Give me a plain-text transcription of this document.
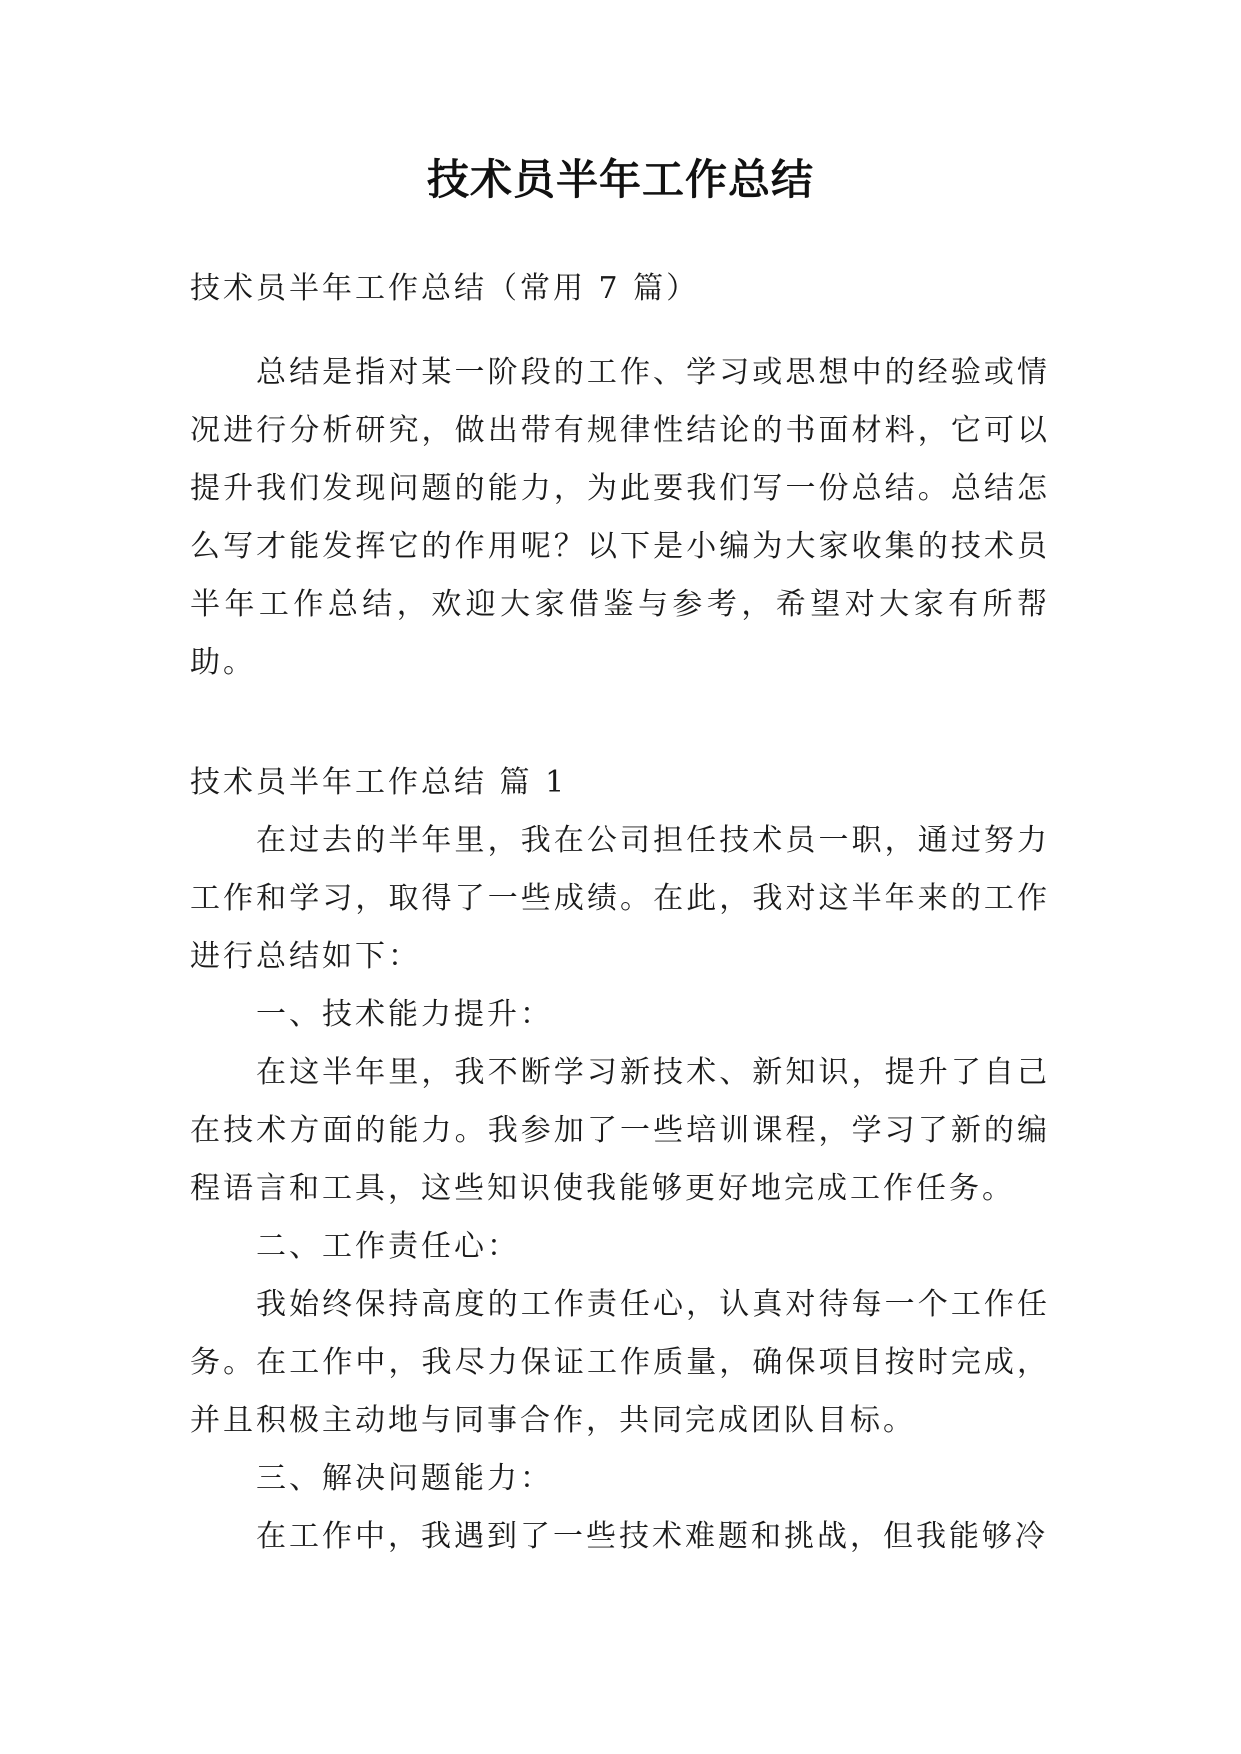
技术员半年工作总结
技术员半年工作总结（常用 7 篇）
总结是指对某一阶段的工作、学习或思想中的经验或情况进行分析研究，做出带有规律性结论的书面材料，它可以提升我们发现问题的能力，为此要我们写一份总结。总结怎么写才能发挥它的作用呢？以下是小编为大家收集的技术员半年工作总结，欢迎大家借鉴与参考，希望对大家有所帮助。

技术员半年工作总结 篇 1

在过去的半年里，我在公司担任技术员一职，通过努力工作和学习，取得了一些成绩。在此，我对这半年来的工作进行总结如下：

一、技术能力提升：

在这半年里，我不断学习新技术、新知识，提升了自己在技术方面的能力。我参加了一些培训课程，学习了新的编程语言和工具，这些知识使我能够更好地完成工作任务。

二、工作责任心：

我始终保持高度的工作责任心，认真对待每一个工作任务。在工作中，我尽力保证工作质量，确保项目按时完成，并且积极主动地与同事合作，共同完成团队目标。

三、解决问题能力：

在工作中，我遇到了一些技术难题和挑战，但我能够冷
